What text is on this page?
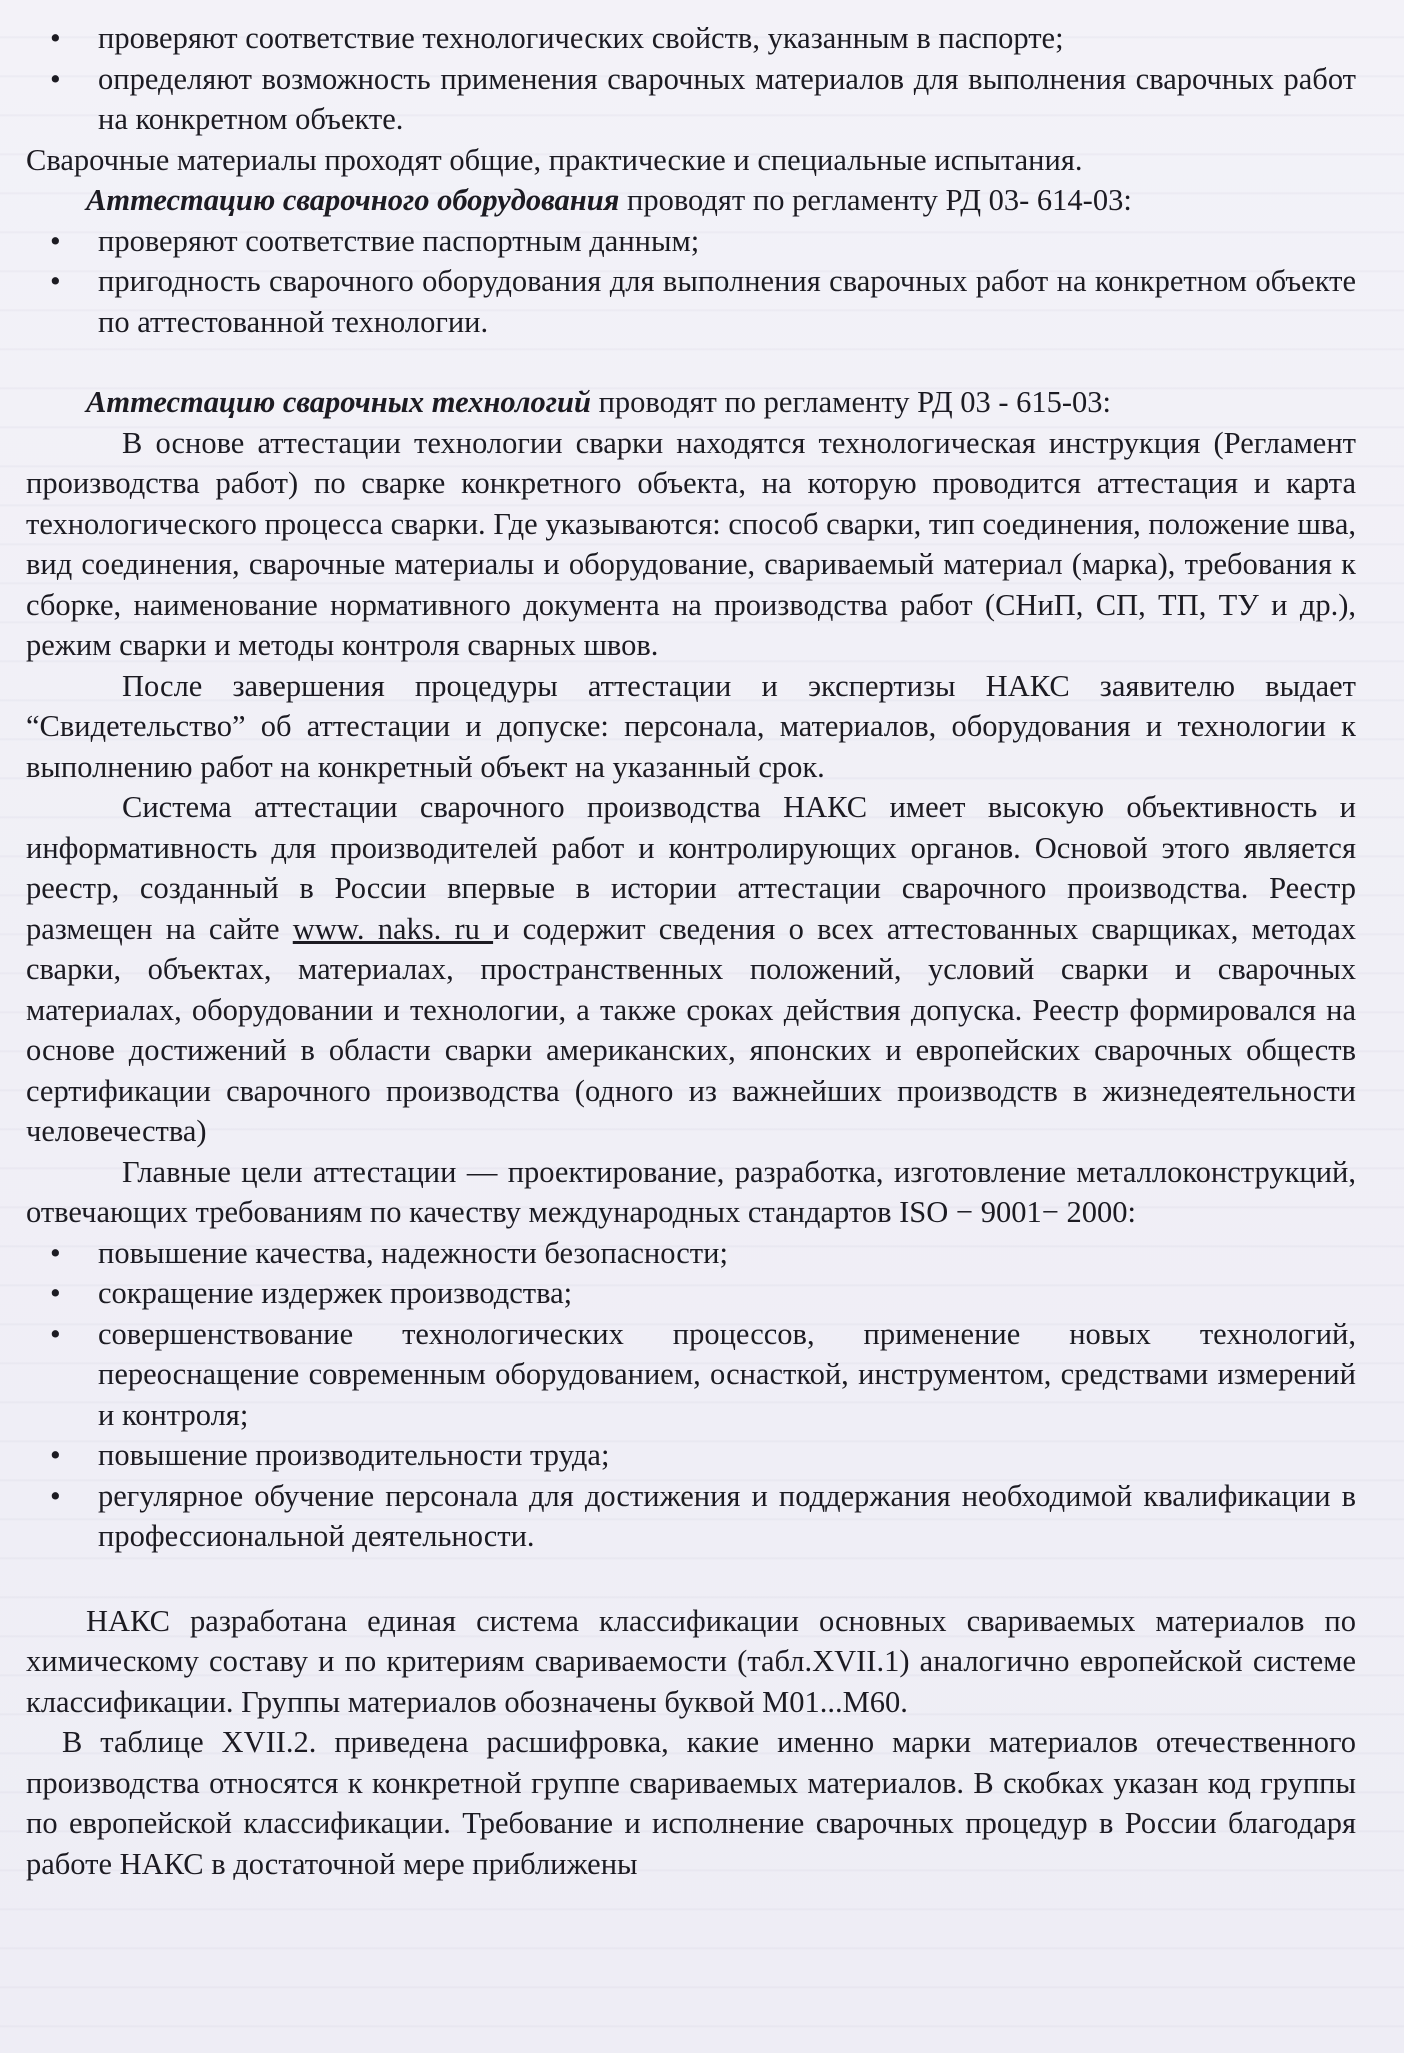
• проверяют соответствие технологических свойств, указанным в паспорте;
• определяют возможность применения сварочных материалов для выполнения сварочных работ на конкретном объекте.

Сварочные материалы проходят общие, практические и специальные испытания.

Аттестацию сварочного оборудования проводят по регламенту РД 03- 614-03:

• проверяют соответствие паспортным данным;
• пригодность сварочного оборудования для выполнения сварочных работ на конкретном объекте по аттестованной технологии.

Аттестацию сварочных технологий проводят по регламенту РД 03 - 615-03:

В основе аттестации технологии сварки находятся технологическая инструкция (Регламент производства работ) по сварке конкретного объекта, на которую проводится аттестация и карта технологического процесса сварки. Где указываются: способ сварки, тип соединения, положение шва, вид соединения, сварочные материалы и оборудование, свариваемый материал (марка), требования к сборке, наименование нормативного документа на производства работ (СНиП, СП, ТП, ТУ и др.), режим сварки и методы контроля сварных швов.

После завершения процедуры аттестации и экспертизы НАКС заявителю выдает “Свидетельство” об аттестации и допуске: персонала, материалов, оборудования и технологии к выполнению работ на конкретный объект на указанный срок.

Система аттестации сварочного производства НАКС имеет высокую объективность и информативность для производителей работ и контролирующих органов. Основой этого является реестр, созданный в России впервые в истории аттестации сварочного производства. Реестр размещен на сайте www. naks. ru и содержит сведения о всех аттестованных сварщиках, методах сварки, объектах, материалах, пространственных положений, условий сварки и сварочных материалах, оборудовании и технологии, а также сроках действия допуска. Реестр формировался на основе достижений в области сварки американских, японских и европейских сварочных обществ сертификации сварочного производства (одного из важнейших производств в жизнедеятельности человечества)

Главные цели аттестации — проектирование, разработка, изготовление металлоконструкций, отвечающих требованиям по качеству международных стандартов ISO − 9001− 2000:

• повышение качества, надежности безопасности;
• сокращение издержек производства;
• совершенствование технологических процессов, применение новых технологий, переоснащение современным оборудованием, оснасткой, инструментом, средствами измерений и контроля;
• повышение производительности труда;
• регулярное обучение персонала для достижения и поддержания необходимой квалификации в профессиональной деятельности.

НАКС разработана единая система классификации основных свариваемых материалов по химическому составу и по критериям свариваемости (табл.XVII.1) аналогично европейской системе классификации. Группы материалов обозначены буквой М01...М60.

В таблице XVII.2. приведена расшифровка, какие именно марки материалов отечественного производства относятся к конкретной группе свариваемых материалов. В скобках указан код группы по европейской классификации. Требование и исполнение сварочных процедур в России благодаря работе НАКС в достаточной мере приближены
